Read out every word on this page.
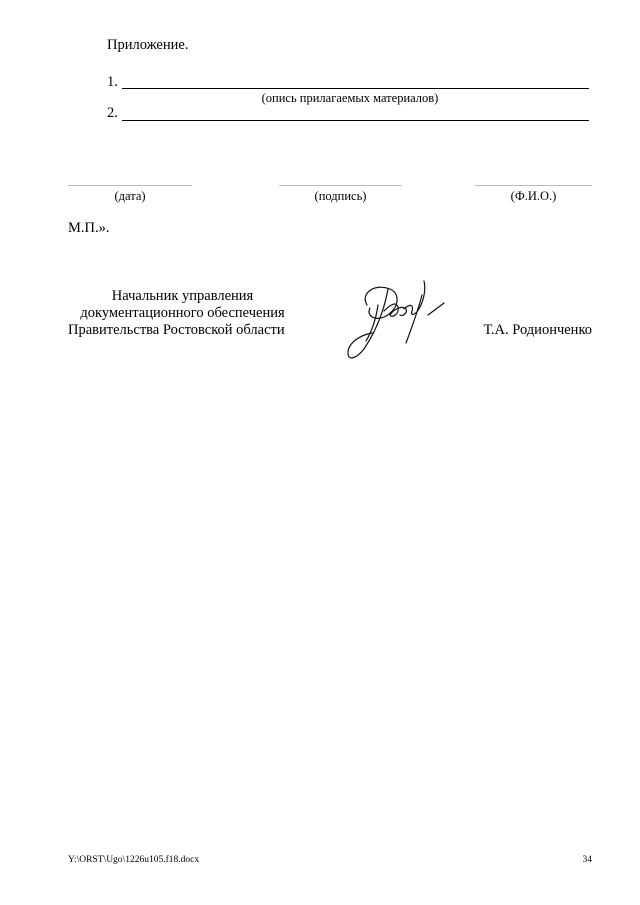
Приложение.
1.
(опись прилагаемых материалов)
2.
(дата)	(подпись)	(Ф.И.О.)
М.П.».
Начальник управления
документационного обеспечения
Правительства Ростовской области	Т.А. Родионченко
Y:\ORST\Ugo\1226u105.f18.docx	34
